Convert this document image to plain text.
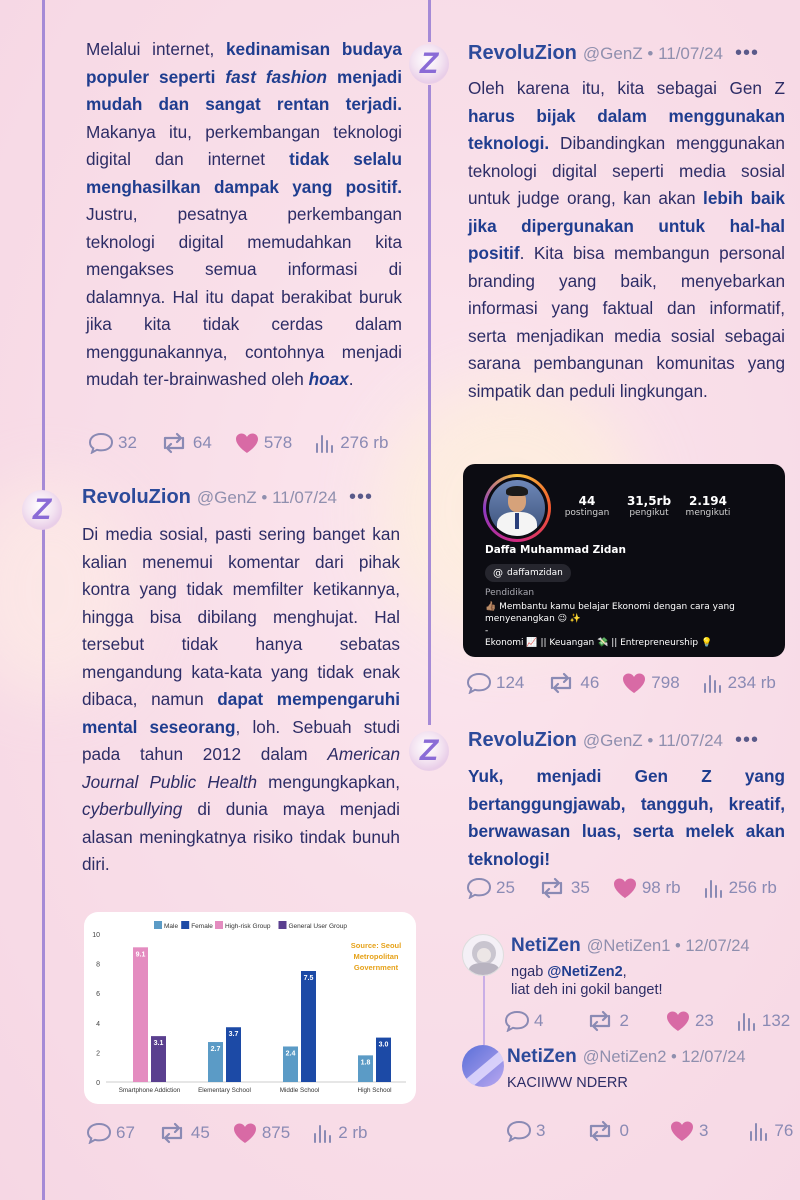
Melalui internet, kedinamisan budaya populer seperti fast fashion menjadi mudah dan sangat rentan terjadi. Makanya itu, perkembangan teknologi digital dan internet tidak selalu menghasilkan dampak yang positif. Justru, pesatnya perkembangan teknologi digital memudahkan kita mengakses semua informasi di dalamnya. Hal itu dapat berakibat buruk jika kita tidak cerdas dalam menggunakannya, contohnya menjadi mudah ter-brainwashed oleh hoax.

32	64	578	276 rb
Z	RevoluZion @GenZ • 11/07/24 •••

Di media sosial, pasti sering banget kan kalian menemui komentar dari pihak kontra yang tidak memfilter ketikannya, hingga bisa dibilang menghujat. Hal tersebut tidak hanya sebatas mengandung kata-kata yang tidak enak dibaca, namun dapat mempengaruhi mental seseorang, loh. Sebuah studi pada tahun 2012 dalam American Journal Public Health mengungkapkan, cyberbullying di dunia maya menjadi alasan meningkatnya risiko tindak bunuh diri.

0
2
4
6
8
10
Male Female High-risk Group	General User Group
Source: Seoul
Metropolitan
Government
9.1
3.1
Smartphone Addiction
2.7
3.7
Elementary School
2.4
7.5
Middle School
1.8
3.0
High School
67	45	875	2 rb
Z	RevoluZion @GenZ • 11/07/24 •••

Oleh karena itu, kita sebagai Gen Z harus bijak dalam menggunakan teknologi. Dibandingkan menggunakan teknologi digital seperti media sosial untuk judge orang, kan akan lebih baik jika dipergunakan untuk hal-hal positif. Kita bisa membangun personal branding yang baik, menyebarkan informasi yang faktual dan informatif, serta menjadikan media sosial sebagai sarana pembangunan komunitas yang simpatik dan peduli lingkungan.

44
postingan
31,5rb
pengikut
2.194
mengikuti
Daffa Muhammad Zidan
@ daffamzidan
Pendidikan
👍🏽 Membantu kamu belajar Ekonomi dengan cara yang menyenangkan 😉 ✨
-
Ekonomi 📈 || Keuangan 💸 || Entrepreneurship 💡
124	46	798	234 rb
Z	RevoluZion @GenZ • 11/07/24 •••

Yuk, menjadi Gen Z yang bertanggungjawab, tangguh, kreatif, berwawasan luas, serta melek akan teknologi!

25	35	98 rb	256 rb
NetiZen @NetiZen1 • 12/07/24
ngab @NetiZen2,
liat deh ini gokil banget!
4	2	23	132
NetiZen @NetiZen2 • 12/07/24
KACIIWW NDERR
3	0	3	76
